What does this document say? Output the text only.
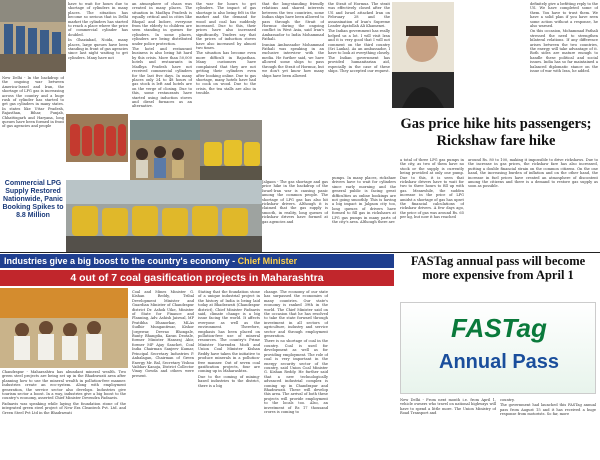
New Delhi - In the backdrop of the ongoing war between America-Israel and Iran, the shortage of LPG gas is increasing across the country and a huge rush of cylinder has started to get gas cylinders in many states. In states like Uttar Pradesh, Rajasthan, Bihar, Punjab, Chhattisgarh and Haryana, long queues have been formed in front of gas agencies and people

have to wait for hours due to shortage of cylinders in many places. The situation has become so serious that in Delhi market the cylinders has started to reach a place where the price of commercial cylinder has doubled.

In Ghaziabad, Noida, many places, large queues have been standing in front of gas agencies since last night waiting to get cylinders. Many have not

an atmosphere of chaos was created in many places. The situation in Madhya Pradesh is equally critical and in cities like Bhopal and Indore, everyone from the elderly to children are seen standing in queues for cylinders. In some places, cylinders are being distributed under police protection.

The hotel and restaurant business is also being hit hard by this crisis. More than 50,000 hotels and restaurants in Madhya Pradesh have not received commercial cylinders for the last five days. In many places only 24 to 48 hours of gas stock is left and hotels are on the verge of closing. Due to this, some restaurants have started using induction stoves and diesel furnaces as an alternative.

the war for hours to get cylinders. The impact of gas shortage is also being felt in the market and the demand for wood and coal has suddenly increased. Due to this, their prices have also increased significantly. Traders say that the prices of induction stoves have also increased by almost two times.

The situation has become even more difficult in Rajasthan. Many customers have complained that they are not getting their cylinders even after booking online. Due to gas shortage, many hotels have had to cook on wood. Due to the crisis, the tea stalls are also in trouble.

Commercial LPG Supply Restored Nationwide, Panic Booking Spikes to 8.8 Million

that the long-standing friendly relations and shared interests between the two countries, some Indian ships have been allowed to pass through the Strait of Hormuz during the ongoing conflict in West Asia, said Iran's Ambassador to India Mohammad Fathali.

Iranian Ambassador Mohammad Fathali was speaking in an exclusive interview with the media. He further said, we have allowed some ships to pass through the Strait of Hormuz, but we don't yet know how many ships have been allowed

the Strait of Hormuz. The strait was effectively closed after the US and Israel attacked Iran on February 28 and the assassination of Iran's Supreme Leader Ayatollah Ali Khamenei.

The Indian government has really helped us a lot. I will visit Iran and it is very good that I will not comment on the third country (Sri Lanka). As an ambassador, I have to look at everything closely. The Indian government has provided humanitarian aid, especially in the case of these ships. They accepted our request.

definitely give a befitting reply to the US. We have completed some of them. You have to trust them. We have a solid plan if you have seen some action without a response, he also warned.

On this occasion, Mohammad Fathali stressed the need to strengthen bilateral relations. If any difference arises between the two countries, the energy will take advantage of it. Both sides are mature enough to handle these political and social issues. India has so far maintained a balanced diplomatic stance on the issue of war with Iran, he added.

Gas price hike hits passengers; Rickshaw fare hike

Jalgaon - The gas shortage and gas price hike in the backdrop of the Israel-Iran war is causing panic among the common people. The shortage of LPG gas has also hit rickshaw drivers. Although it is claimed that the gas supply is smooth, in reality, long queues of rickshaw drivers have formed at gas agencies and

pumps. In many places, rickshaw drivers have to wait for cylinders since early morning and the general public is facing great difficulties as online bookings are not going smoothly. This is having a big impact in Jalgaon city too, long queues of drivers have formed to fill gas in rickshaws at LPG gas pumps in many parts of the city's area. Although there are

a total of three LPG gas pumps in the city, as two of them have no stock or the supply is currently being provided at only one pump. Due to this, it is seen that rickshaw drivers have to wait for two to three hours to fill up with gas. Meanwhile, the sudden increase in the price of LPG amidst a shortage of gas has upset the financial calculations of rickshaw drivers. A few days ago, the price of gas was around Rs. 65 per kg, but now it has reached

around Rs. 80 to 100, making it impossible to drive rickshaws. Due to the increase in gas prices, the rickshaw fare has also increased, putting a double financial strain on the common citizens. On the one hand, the increasing burden of inflation and on the other hand, the increase in fuel prices have created an atmosphere of discontent among the citizens and there is a demand to restore gas supply as soon as possible.

Industries give a big boost to the country's economy - Chief Minister
4 out of 7 coal gasification projects in Maharashtra

Chandrapur - Maharashtra has abundant mineral wealth. Two green steel projects are being set up in the Bhadrawati area after planning how to use the mineral wealth in pollution-free manner. Industries create an eco-system. Along with employment generation, the service sector also develops. Industries give tourism sector a boost. In a way, industries give a big boost to the country's economy, asserted Chief Minister Devendra Fadnavis.

Fadnavis was speaking while laying the foundation stone of the integrated green steel project of New Era Cleantech Pvt. Ltd. and Green Steel Pvt Ltd in the Bhadrawati

Coal and Mines Minister G. Kishan Reddy, Tribal Development Minister and Guardian Minister of Chandrapur district Dr. Ashok Uike, Minister of State for Finance and Planning, Adv. Ashish Jaiswal, MP Pratibha Dhanorkar, MLAs Sudhir Mungantiwar, Kishor Jorgewar, Devrao Bhongale, Bunty Bhangdia, Karan Deotale, former Minister Hansraj Ahir, former MP Ajay Sanchet, Coal India Chairman Sanjeev Kumar, Principal Secretary Industries P. Anbalagan, Chairman of Green Energy Mr. Bal, Secretary Vishnu Vaibhav Kanoja, District Collector Vinay Gowda and others were present.

Stating that the foundation stone of a unique industrial project in the history of India is being laid today at Bhadrawati (Chandrapur district), Chief Minister Fadnavis said, climate change is a big issue facing the world. It affects everyone as well as the environment. Therefore, emphasis has been placed on pollution-free use of mineral resources. The country's Prime Minister Narendra Modi and Union Coal Minister Kishan Reddy have taken the initiative to produce minerals in a pollution-free manner. Out of seven coal gasification projects, four are coming up in Maharashtra.

Due to the coming of mining-based industries to the district, there is a big

change. The economy of our state has surpassed the economies of many countries. Our state's economy is ranked 39th in the world. The Chief Minister said on the occasion that he has resolved to take the state forward through investment in all sectors of agriculture, industry and service sector and through employment generation.

There is no shortage of coal in the country. Coal is used for development as well as for providing employment. The role of coal is very important in the energy security sector of the country, said Union Coal Minister G. Kishan Reddy. He further said that a new technologically advanced industrial complex is coming up in Chandrapur and Bhadrawati. These will develop this area. The arrival of both these projects will provide employment to the locals too. Also, an investment of Rs 17 thousand crores is coming to

FASTag annual pass will become more expensive from April 1
FASTag
Annual Pass

New Delhi - From next month i.e. from April 1, vehicle owners who travel on national highways will have to spend a little more. The Union Ministry of Road Transport and

country.

The government had launched this FASTag annual pass from August 15 and it has received a huge response from motorists. So far, more
